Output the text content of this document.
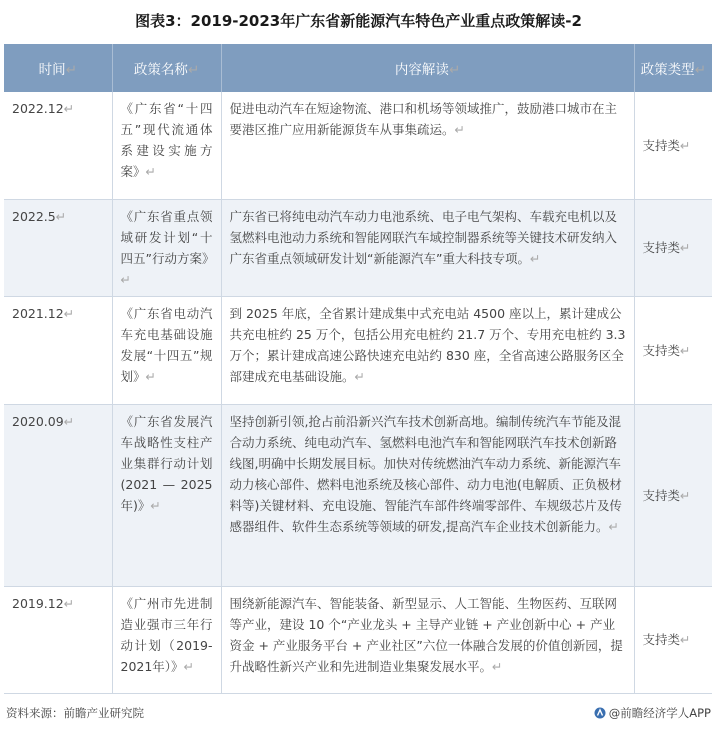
图表3：2019-2023年广东省新能源汽车特色产业重点政策解读-2
时间↵	政策名称↵	内容解读↵	政策类型↵
2022.12↵	《广东省“十四五”现代流通体系建设实施方案》↵	促进电动汽车在短途物流、港口和机场等领域推广，鼓励港口城市在主要港区推广应用新能源货车从事集疏运。↵	支持类↵
2022.5↵	《广东省重点领域研发计划“十四五”行动方案》↵	广东省已将纯电动汽车动力电池系统、电子电气架构、车载充电机以及氢燃料电池动力系统和智能网联汽车域控制器系统等关键技术研发纳入广东省重点领域研发计划“新能源汽车”重大科技专项。↵	支持类↵
2021.12↵	《广东省电动汽车充电基础设施发展“十四五”规划》↵	到 2025 年底，全省累计建成集中式充电站 4500 座以上，累计建成公共充电桩约 25 万个，包括公用充电桩约 21.7 万个、专用充电桩约 3.3 万个；累计建成高速公路快速充电站约 830 座，全省高速公路服务区全部建成充电基础设施。↵	支持类↵
2020.09↵	《广东省发展汽车战略性支柱产业集群行动计划(2021 — 2025年)》↵	坚持创新引领,抢占前沿新兴汽车技术创新高地。编制传统汽车节能及混合动力系统、纯电动汽车、氢燃料电池汽车和智能网联汽车技术创新路线图,明确中长期发展目标。加快对传统燃油汽车动力系统、新能源汽车动力核心部件、燃料电池系统及核心部件、动力电池(电解质、正负极材料等)关键材料、充电设施、智能汽车部件终端零部件、车规级芯片及传感器组件、软件生态系统等领域的研发,提高汽车企业技术创新能力。↵	支持类↵
2019.12↵	《广州市先进制造业强市三年行动计划（2019-2021年）》↵	围绕新能源汽车、智能装备、新型显示、人工智能、生物医药、互联网等产业，建设 10 个“产业龙头 + 主导产业链 + 产业创新中心 + 产业资金 + 产业服务平台 + 产业社区”六位一体融合发展的价值创新园，提升战略性新兴产业和先进制造业集聚发展水平。↵	支持类↵
资料来源：前瞻产业研究院	@前瞻经济学人APP
